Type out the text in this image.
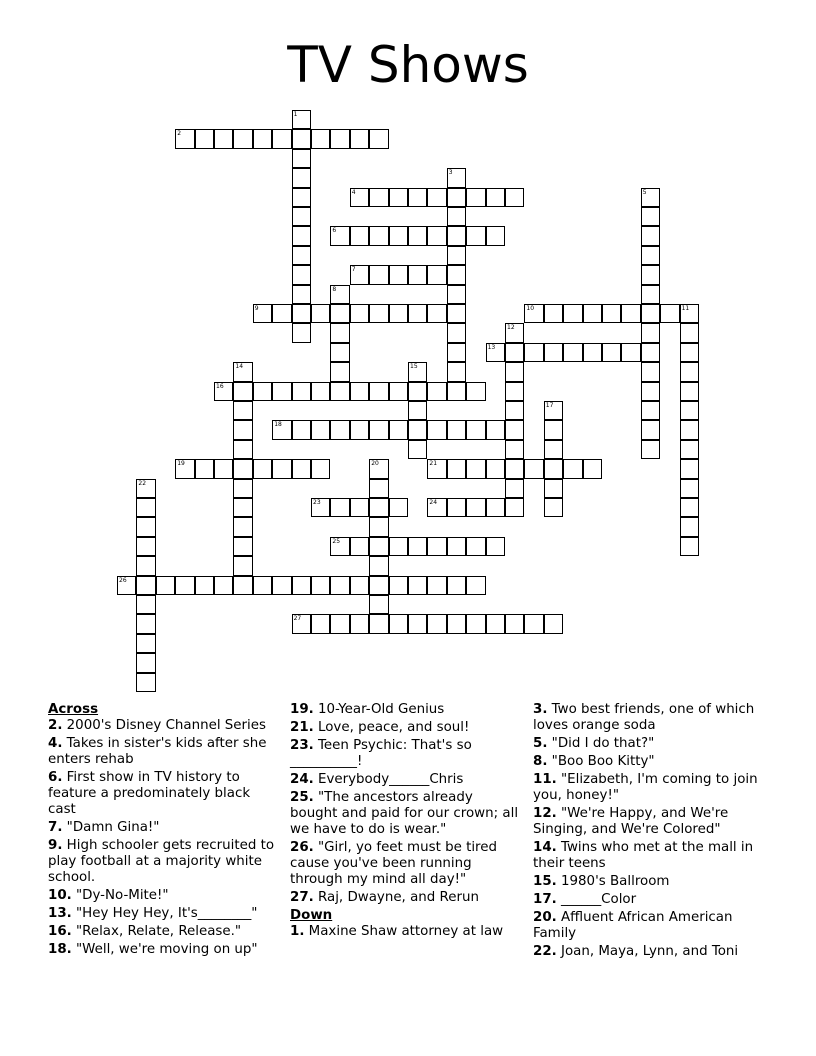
TV Shows
2
4
6
7
9	10
13
16
18
19	21
23	24
25
26
27
1
3
5
8
11
12
14	15
17
20
22
Across
2. 2000's Disney Channel Series
4. Takes in sister's kids after she enters rehab
6. First show in TV history to feature a predominately black cast
7. "Damn Gina!"
9. High schooler gets recruited to play football at a majority white school.
10. "Dy-No-Mite!"
13. "Hey Hey Hey, It's________"
16. "Relax, Relate, Release."
18. "Well, we're moving on up"
19. 10-Year-Old Genius
21. Love, peace, and soul!
23. Teen Psychic: That's so __________!
24. Everybody______Chris
25. "The ancestors already bought and paid for our crown; all we have to do is wear."
26. "Girl, yo feet must be tired cause you've been running through my mind all day!"
27. Raj, Dwayne, and Rerun
Down
1. Maxine Shaw attorney at law
3. Two best friends, one of which loves orange soda
5. "Did I do that?"
8. "Boo Boo Kitty"
11. "Elizabeth, I'm coming to join you, honey!"
12. "We're Happy, and We're Singing, and We're Colored"
14. Twins who met at the mall in their teens
15. 1980's Ballroom
17. ______Color
20. Affluent African American Family
22. Joan, Maya, Lynn, and Toni
